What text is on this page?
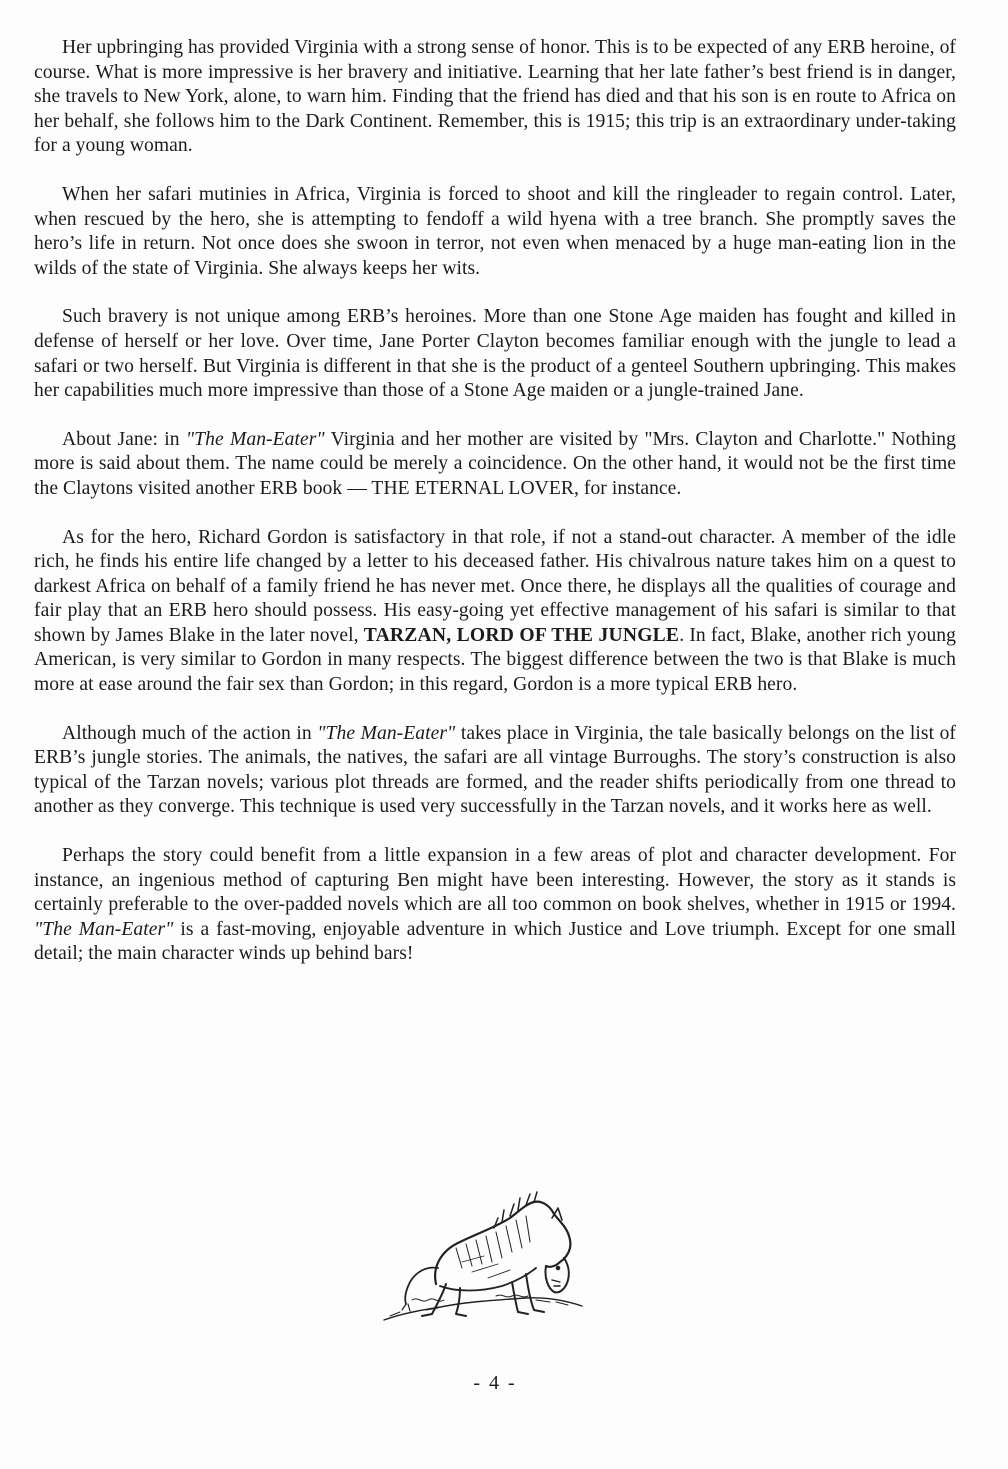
Her upbringing has provided Virginia with a strong sense of honor. This is to be expected of any ERB heroine, of course. What is more impressive is her bravery and initiative. Learning that her late father’s best friend is in danger, she travels to New York, alone, to warn him. Finding that the friend has died and that his son is en route to Africa on her behalf, she follows him to the Dark Continent. Remember, this is 1915; this trip is an extraordinary under-taking for a young woman.

When her safari mutinies in Africa, Virginia is forced to shoot and kill the ringleader to regain control. Later, when rescued by the hero, she is attempting to fendoff a wild hyena with a tree branch. She promptly saves the hero’s life in return. Not once does she swoon in terror, not even when menaced by a huge man-eating lion in the wilds of the state of Virginia. She always keeps her wits.

Such bravery is not unique among ERB’s heroines. More than one Stone Age maiden has fought and killed in defense of herself or her love. Over time, Jane Porter Clayton becomes familiar enough with the jungle to lead a safari or two herself. But Virginia is different in that she is the product of a genteel Southern upbringing. This makes her capabilities much more impressive than those of a Stone Age maiden or a jungle-trained Jane.

About Jane: in "The Man-Eater" Virginia and her mother are visited by "Mrs. Clayton and Charlotte." Nothing more is said about them. The name could be merely a coincidence. On the other hand, it would not be the first time the Claytons visited another ERB book — THE ETERNAL LOVER, for instance.

As for the hero, Richard Gordon is satisfactory in that role, if not a stand-out character. A member of the idle rich, he finds his entire life changed by a letter to his deceased father. His chivalrous nature takes him on a quest to darkest Africa on behalf of a family friend he has never met. Once there, he displays all the qualities of courage and fair play that an ERB hero should possess. His easy-going yet effective management of his safari is similar to that shown by James Blake in the later novel, TARZAN, LORD OF THE JUNGLE. In fact, Blake, another rich young American, is very similar to Gordon in many respects. The biggest difference between the two is that Blake is much more at ease around the fair sex than Gordon; in this regard, Gordon is a more typical ERB hero.

Although much of the action in "The Man-Eater" takes place in Virginia, the tale basically belongs on the list of ERB’s jungle stories. The animals, the natives, the safari are all vintage Burroughs. The story’s construction is also typical of the Tarzan novels; various plot threads are formed, and the reader shifts periodically from one thread to another as they converge. This technique is used very successfully in the Tarzan novels, and it works here as well.

Perhaps the story could benefit from a little expansion in a few areas of plot and character development. For instance, an ingenious method of capturing Ben might have been interesting. However, the story as it stands is certainly preferable to the over-padded novels which are all too common on book shelves, whether in 1915 or 1994. "The Man-Eater" is a fast-moving, enjoyable adventure in which Justice and Love triumph. Except for one small detail; the main character winds up behind bars!

- 4 -
